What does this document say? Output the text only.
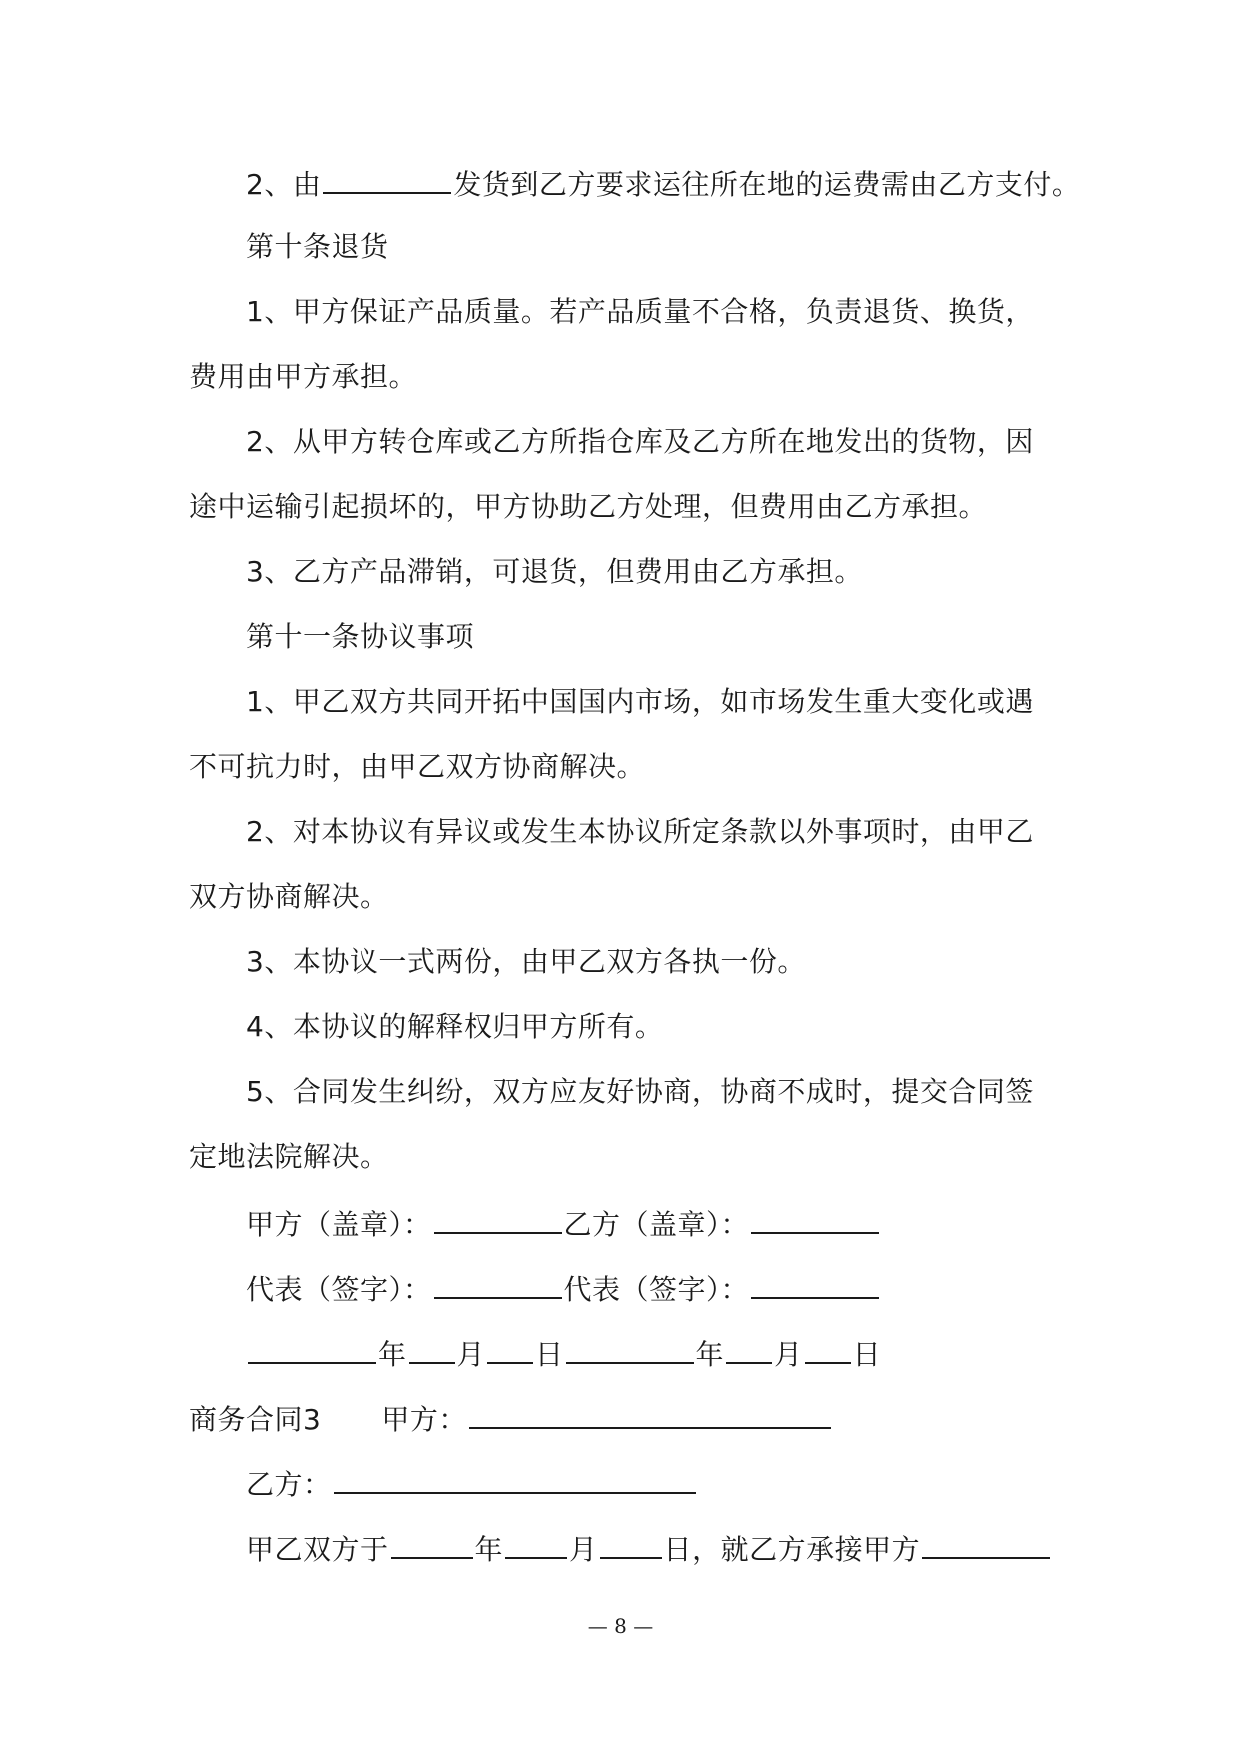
2、由	发货到乙方要求运往所在地的运费需由乙方支付。
第十条退货
1、甲方保证产品质量。若产品质量不合格，负责退货、换货，
费用由甲方承担。
2、从甲方转仓库或乙方所指仓库及乙方所在地发出的货物，因
途中运输引起损坏的，甲方协助乙方处理，但费用由乙方承担。
3、乙方产品滞销，可退货，但费用由乙方承担。
第十一条协议事项
1、甲乙双方共同开拓中国国内市场，如市场发生重大变化或遇
不可抗力时，由甲乙双方协商解决。
2、对本协议有异议或发生本协议所定条款以外事项时，由甲乙
双方协商解决。
3、本协议一式两份，由甲乙双方各执一份。
4、本协议的解释权归甲方所有。
5、合同发生纠纷，双方应友好协商，协商不成时，提交合同签
定地法院解决。
甲方（盖章）：	乙方（盖章）：
代表（签字）：	代表（签字）：
年 月 日	年 月 日
商务合同3 甲方：
乙方：
甲乙双方于	年 月 日，就乙方承接甲方
— 8 —
